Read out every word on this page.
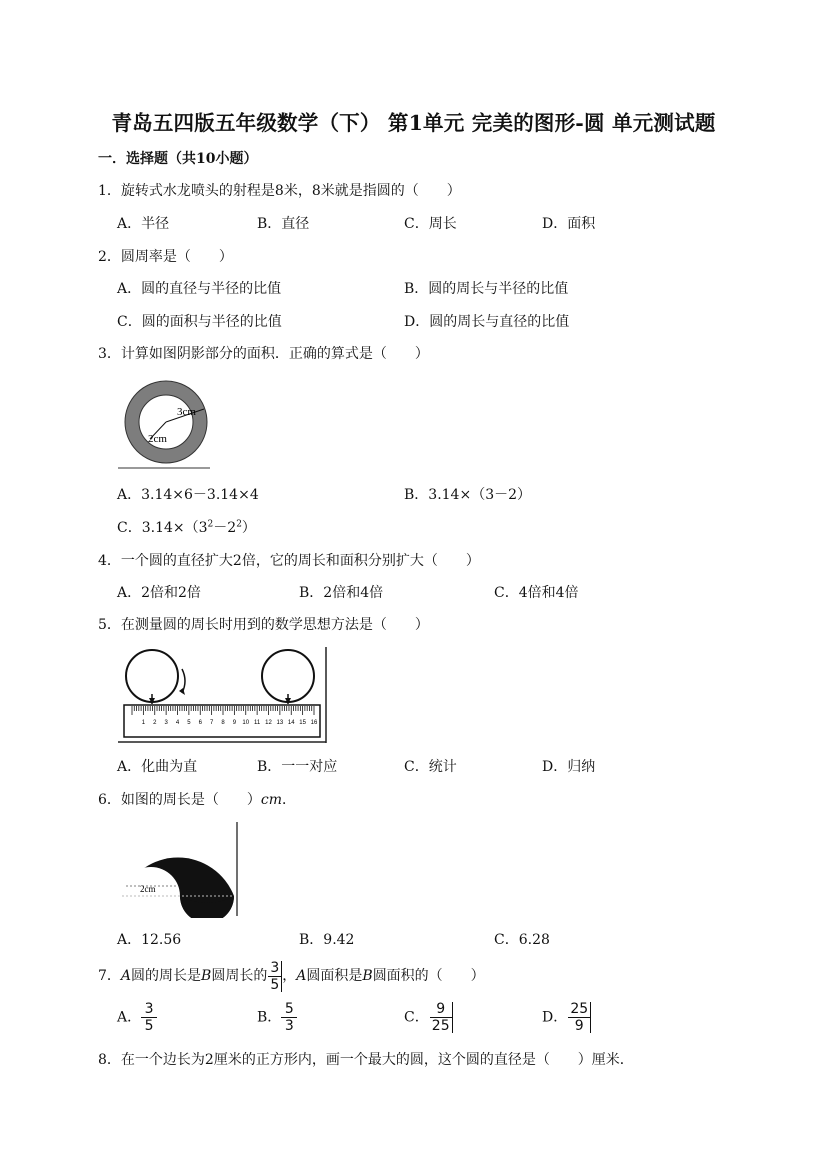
青岛五四版五年级数学（下） 第1单元 完美的图形-圆 单元测试题
一．选择题（共10小题）
1．旋转式水龙喷头的射程是8米，8米就是指圆的（　　）
A．半径	B．直径	C．周长	D．面积
2．圆周率是（　　）
A．圆的直径与半径的比值	B．圆的周长与半径的比值
C．圆的面积与半径的比值	D．圆的周长与直径的比值
3．计算如图阴影部分的面积．正确的算式是（　　）
3cm
2cm
A．3.14×6－3.14×4	B．3.14×（3－2）
C．$3.14\times(3^2-2^2)$
4．一个圆的直径扩大2倍，它的周长和面积分别扩大（　　）
A．2倍和2倍	B．2倍和4倍	C．4倍和4倍
5．在测量圆的周长时用到的数学思想方法是（　　）
1 2 3 4 5 6 7 8 9 10 11 12 13 14 15 16
A．化曲为直	B．一一对应	C．统计	D．归纳
6．如图的周长是（　　）cm．
2cm
A．12.56	B．9.42	C．6.28
7．A圆的周长是B圆周长的 $\frac{3}{5}$ ，A圆面积是B圆面积的（　　）
A． $\frac{3}{5}$	B． $\frac{5}{3}$	C． $\frac{9}{25}$	D． $\frac{25}{9}$
8．在一个边长为2厘米的正方形内，画一个最大的圆，这个圆的直径是（　　）厘米．
